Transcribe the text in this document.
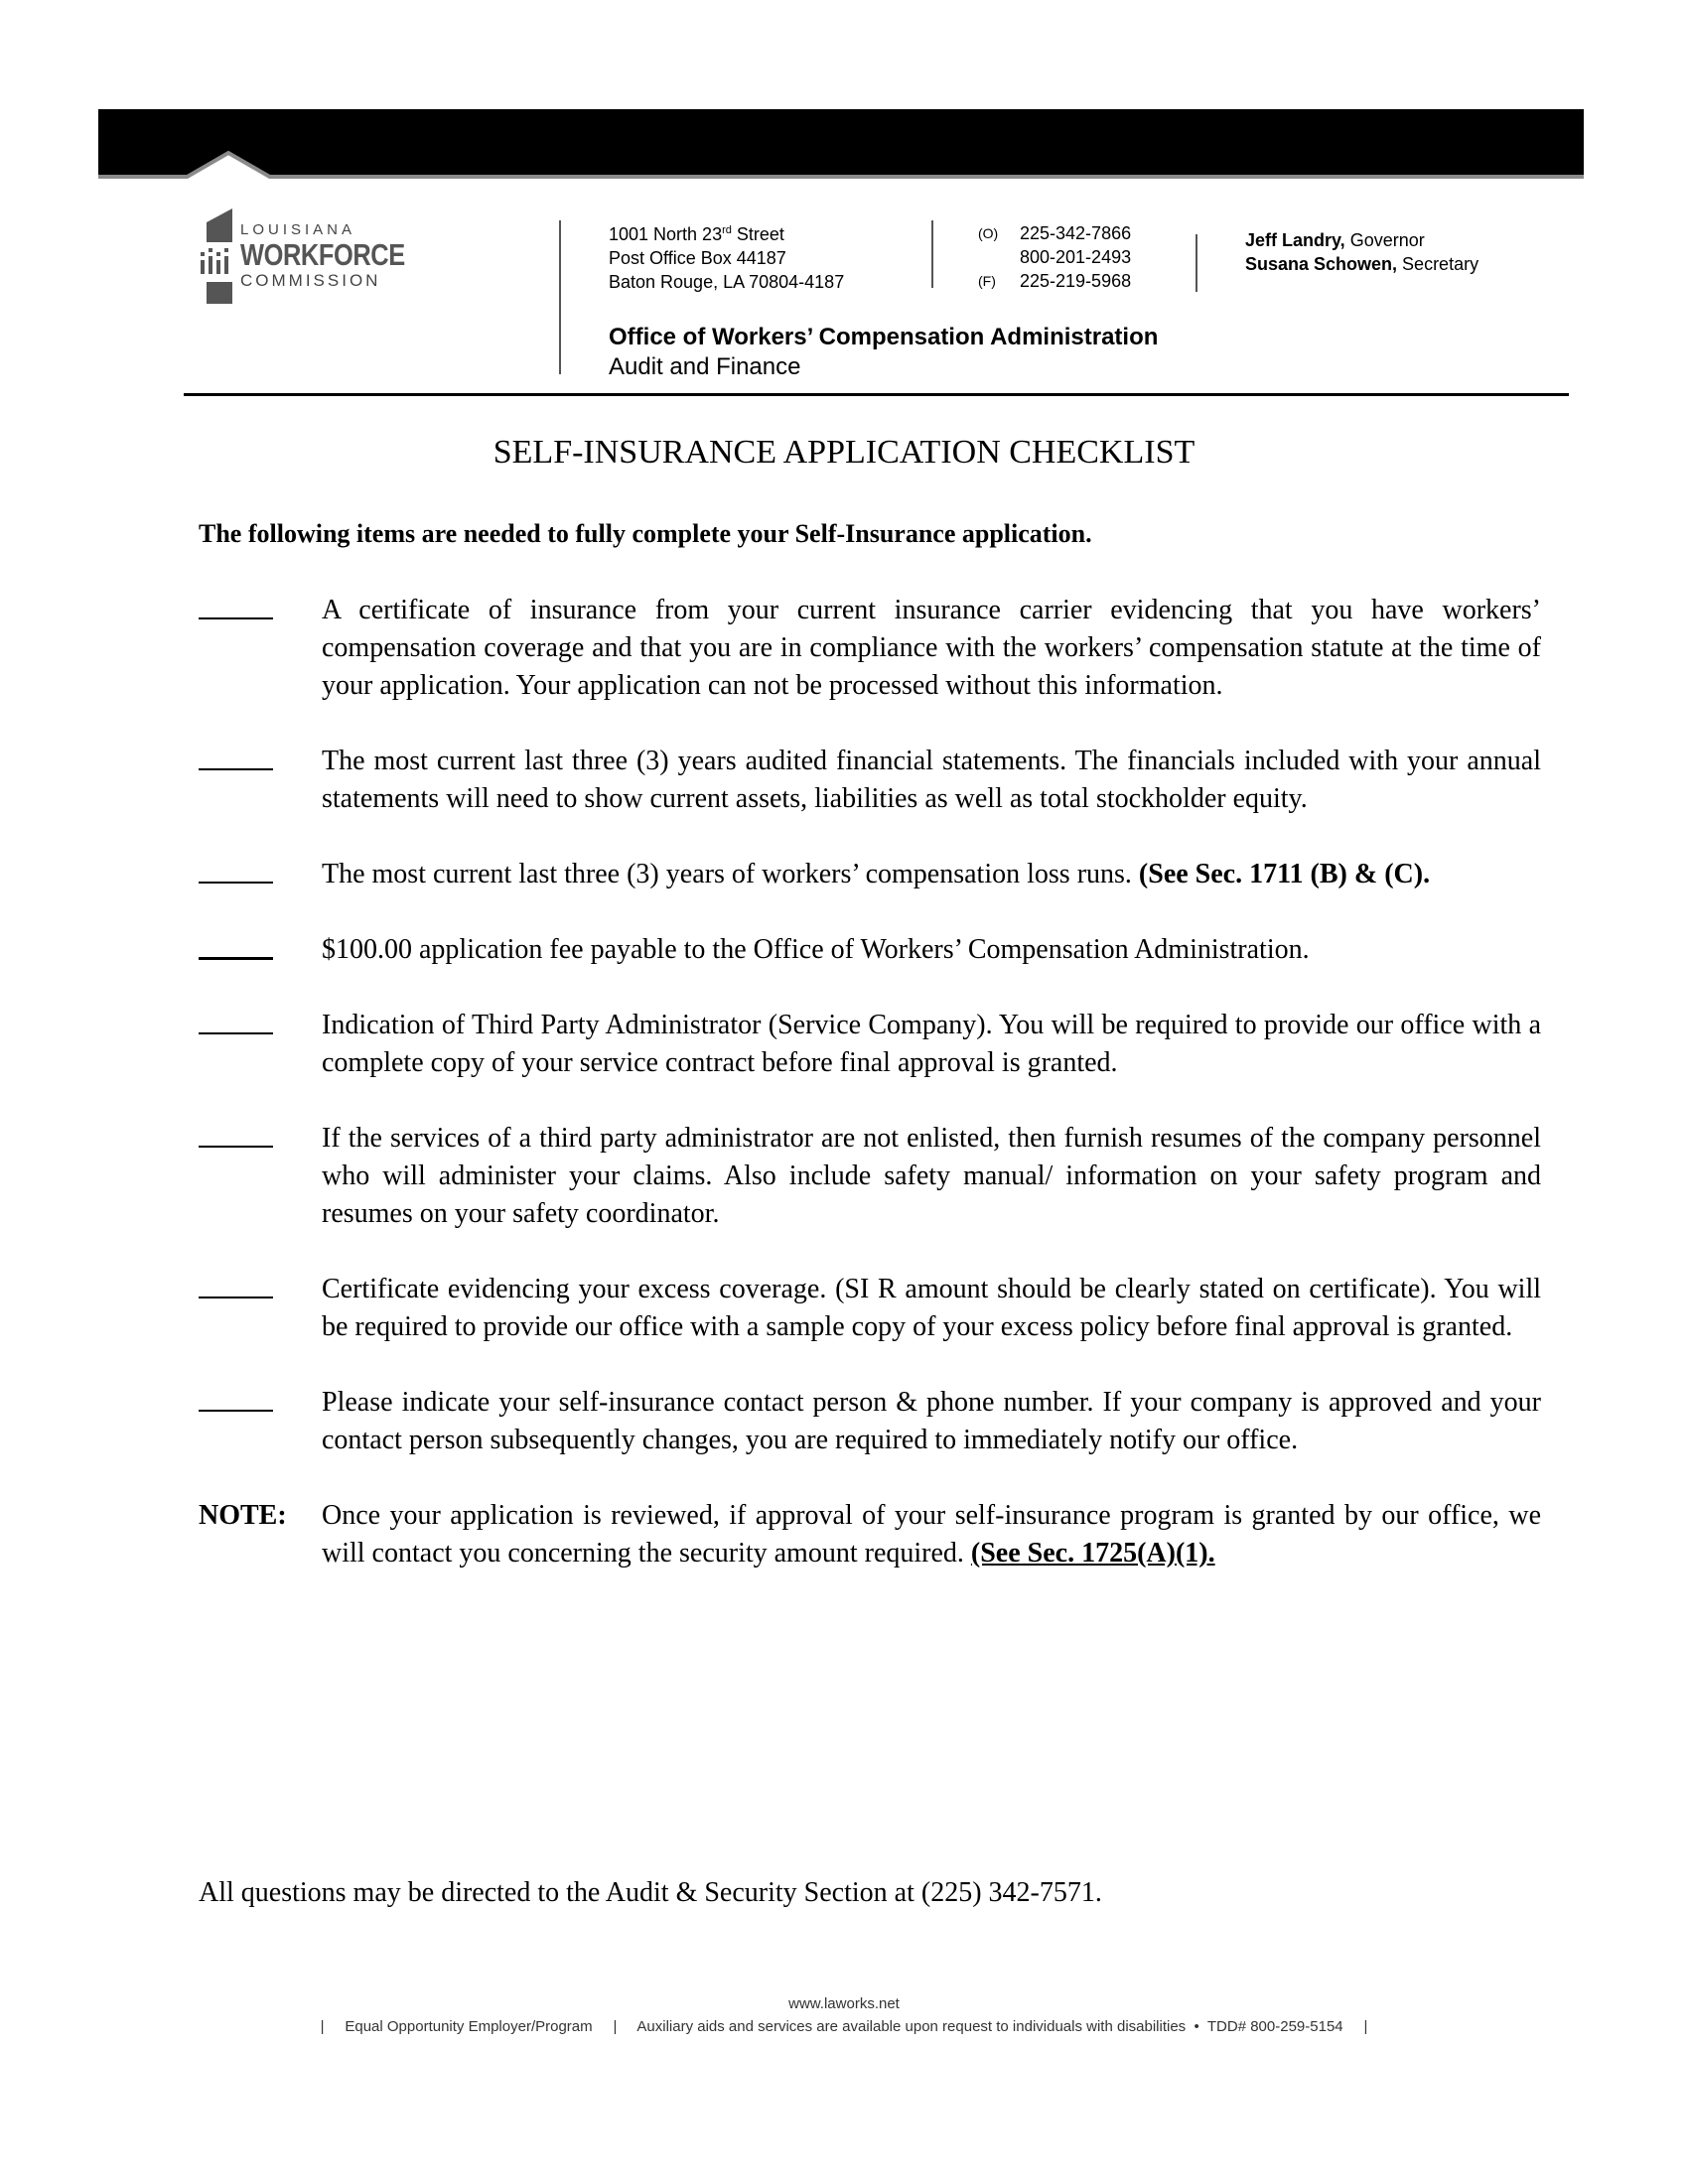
LOUISIANA
WORKFORCE
COMMISSION
1001 North 23rd Street
Post Office Box 44187
Baton Rouge, LA 70804-4187
(O)	225-342-7866
800-201-2493
(F)	225-219-5968
Jeff Landry, Governor
Susana Schowen, Secretary
Office of Workers’ Compensation Administration
Audit and Finance
SELF-INSURANCE APPLICATION CHECKLIST
The following items are needed to fully complete your Self-Insurance application.
A certificate of insurance from your current insurance carrier evidencing that you have workers’ compensation coverage and that you are in compliance with the workers’ compensation statute at the time of your application. Your application can not be processed without this information.
The most current last three (3) years audited financial statements. The financials included with your annual statements will need to show current assets, liabilities as well as total stockholder equity.
The most current last three (3) years of workers’ compensation loss runs. (See Sec. 1711 (B) & (C).
$100.00 application fee payable to the Office of Workers’ Compensation Administration.
Indication of Third Party Administrator (Service Company). You will be required to provide our office with a complete copy of your service contract before final approval is granted.
If the services of a third party administrator are not enlisted, then furnish resumes of the company personnel who will administer your claims. Also include safety manual/ information on your safety program and resumes on your safety coordinator.
Certificate evidencing your excess coverage. (SI R amount should be clearly stated on certificate). You will be required to provide our office with a sample copy of your excess policy before final approval is granted.
Please indicate your self-insurance contact person & phone number. If your company is approved and your contact person subsequently changes, you are required to immediately notify our office.
NOTE:	Once your application is reviewed, if approval of your self-insurance program is granted by our office, we will contact you concerning the security amount required. (See Sec. 1725(A)(1).
All questions may be directed to the Audit & Security Section at (225) 342-7571.
www.laworks.net
| Equal Opportunity Employer/Program | Auxiliary aids and services are available upon request to individuals with disabilities • TDD# 800-259-5154 |
